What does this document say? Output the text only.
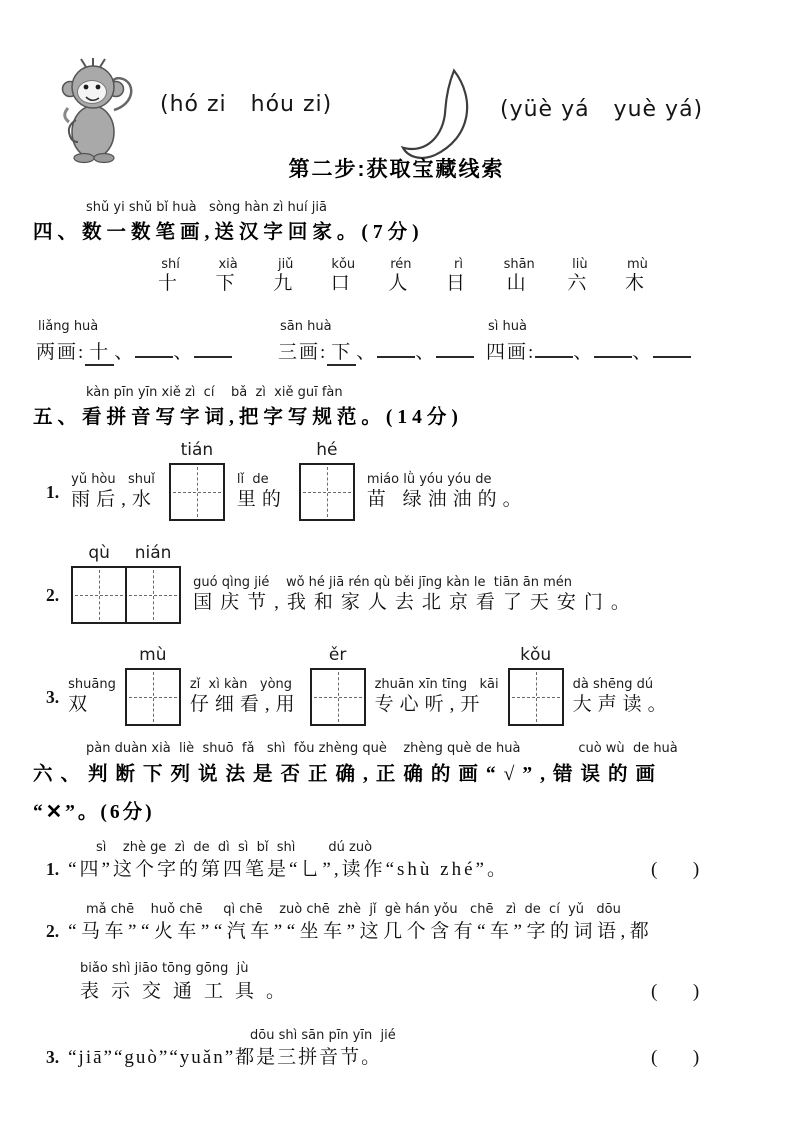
(hó zi   hóu zi)	(yüè yá   yuè yá)
第二步:获取宝藏线索
shǔ yi shǔ bǐ huà   sòng hàn zì huí jiā
四、数一数笔画,送汉字回家。(7分)
shí
十
xià
下
jiǔ
九
kǒu
口
rén
人
rì
日
shān
山
liù
六
mù
木
liǎng huà
两画: 十 、 、
sān huà
三画: 下 、 、
sì huà
四画: 、 、
kàn pīn yīn xiě zì  cí    bǎ  zì  xiě guī fàn
五、看拼音写字词,把字写规范。(14分)
1.
yǔ hòu   shuǐ
雨后,水
tián
lǐ  de
里的
hé
miáo lǜ yóu yóu de
苗 绿油油的。
2.
qù	nián
guó qìng jié    wǒ hé jiā rén qù běi jīng kàn le  tiān ān mén
国庆节,我和家人去北京看了天安门。
3.
shuāng
双
mù
zǐ  xì kàn   yòng
仔细看,用
ěr
zhuān xīn tīng   kāi
专心听,开
kǒu
dà shēng dú
大声读。
pàn duàn xià  liè  shuō  fǎ   shì  fǒu zhèng què    zhèng què de huà              cuò wù  de huà
六、判断下列说法是否正确,正确的画“√”,错误的画
“✕”。(6分)
sì    zhè ge  zì  de  dì  sì  bǐ  shì        dú zuò
1. “四”这个字的第四笔是“乚”,读作“shù zhé”。	(      )
mǎ chē    huǒ chē     qì chē    zuò chē  zhè  jǐ  gè hán yǒu   chē   zì  de  cí  yǔ   dōu
2. “马车”“火车”“汽车”“坐车”这几个含有“车”字的词语,都
biǎo shì jiāo tōng gōng  jù
表示交通工具。	(      )
dōu shì sān pīn yīn  jié
3. “jiā”“guò”“yuǎn”都是三拼音节。	(      )
